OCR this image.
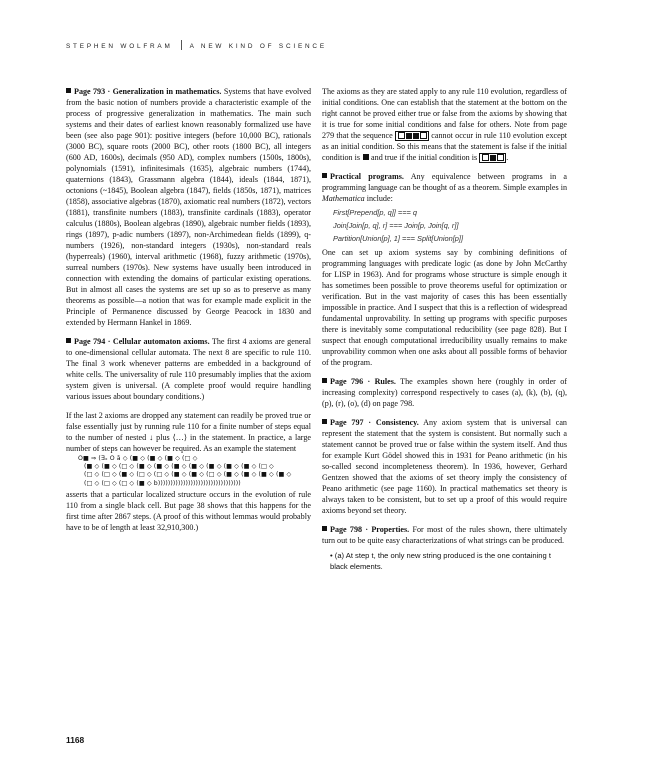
STEPHEN WOLFRAM	A NEW KIND OF SCIENCE

Page 793 · Generalization in mathematics. Systems that have evolved from the basic notion of numbers provide a characteristic example of the process of progressive generalization in mathematics. The main such systems and their dates of earliest known reasonably formalized use have been (see also page 901): positive integers (before 10,000 BC), rationals (3000 BC), square roots (2000 BC), other roots (1800 BC), all integers (600 AD, 1600s), decimals (950 AD), complex numbers (1500s, 1800s), polynomials (1591), infinitesimals (1635), algebraic numbers (1744), quaternions (1843), Grassmann algebra (1844), ideals (1844, 1871), octonions (~1845), Boolean algebra (1847), fields (1850s, 1871), matrices (1858), associative algebras (1870), axiomatic real numbers (1872), vectors (1881), transfinite numbers (1883), transfinite cardinals (1883), operator calculus (1880s), Boolean algebras (1890), algebraic number fields (1893), rings (1897), p-adic numbers (1897), non-Archimedean fields (1899), q-numbers (1926), non-standard integers (1930s), non-standard reals (hyperreals) (1960), interval arithmetic (1968), fuzzy arithmetic (1970s), surreal numbers (1970s). New systems have usually been introduced in connection with extending the domains of particular existing operations. But in almost all cases the systems are set up so as to preserve as many theorems as possible—a notion that was for example made explicit in the Principle of Permanence discussed by George Peacock in 1830 and extended by Hermann Hankel in 1869.

Page 794 · Cellular automaton axioms. The first 4 axioms are general to one-dimensional cellular automata. The next 8 are specific to rule 110. The final 3 work whenever patterns are embedded in a background of white cells. The universality of rule 110 presumably implies that the axiom system given is universal. (A complete proof would require handling various issues about boundary conditions.)

If the last 2 axioms are dropped any statement can readily be proved true or false essentially just by running rule 110 for a finite number of steps equal to the number of nested ↓ plus ⟨…⟩ in the statement. In practice, a large number of steps can however be required. As an example the statement

O■ ⇒ (∃ₓ O ā ◇ (■ ◇ (■ ◇ (■ ◇ (□ ◇
(■ ◇ (■ ◇ (□ ◇ (■ ◇ (■ ◇ (■ ◇ (■ ◇ (■ ◇ (■ ◇ (■ ◇ (□ ◇
(□ ◇ (□ ◇ (■ ◇ (□ ◇ (□ ◇ (■ ◇ (■ ◇ (□ ◇ (■ ◇ (■ ◇ (■ ◇ (■ ◇
(□ ◇ (□ ◇ (□ ◇ (■ ◇ b)))))))))))))))))))))))))))))))))

asserts that a particular localized structure occurs in the evolution of rule 110 from a single black cell. But page 38 shows that this happens for the first time after 2867 steps. (A proof of this without lemmas would probably have to be of length at least 32,910,300.)

The axioms as they are stated apply to any rule 110 evolution, regardless of initial conditions. One can establish that the statement at the bottom on the right cannot be proved either true or false from the axioms by showing that it is true for some initial conditions and false for others. Note from page 279 that the sequence	cannot occur in rule 110 evolution except as an initial condition. So this means that the statement is false if the initial condition is  and true if the initial condition is	.

Practical programs. Any equivalence between programs in a programming language can be thought of as a theorem. Simple examples in Mathematica include:

First[Prepend[p, q]] === q
Join[Join[p, q], r] === Join[p, Join[q, r]]
Partition[Union[p], 1] === Split[Union[p]]

One can set up axiom systems say by combining definitions of programming languages with predicate logic (as done by John McCarthy for LISP in 1963). And for programs whose structure is simple enough it has sometimes been possible to prove theorems useful for optimization or verification. But in the vast majority of cases this has been essentially impossible in practice. And I suspect that this is a reflection of widespread fundamental unprovability. In setting up programs with specific purposes there is inevitably some computational reducibility (see page 828). But I suspect that enough computational irreducibility usually remains to make unprovability common when one asks about all possible forms of behavior of the program.

Page 796 · Rules. The examples shown here (roughly in order of increasing complexity) correspond respectively to cases (a), (k), (b), (q), (p), (r), (o), (d) on page 798.

Page 797 · Consistency. Any axiom system that is universal can represent the statement that the system is consistent. But normally such a statement cannot be proved true or false within the system itself. And thus for example Kurt Gödel showed this in 1931 for Peano arithmetic (in his so-called second incompleteness theorem). In 1936, however, Gerhard Gentzen showed that the axioms of set theory imply the consistency of Peano arithmetic (see page 1160). In practical mathematics set theory is always taken to be consistent, but to set up a proof of this would require axioms beyond set theory.

Page 798 · Properties. For most of the rules shown, there ultimately turn out to be quite easy characterizations of what strings can be produced.

• (a) At step t, the only new string produced is the one containing t black elements.
1168
